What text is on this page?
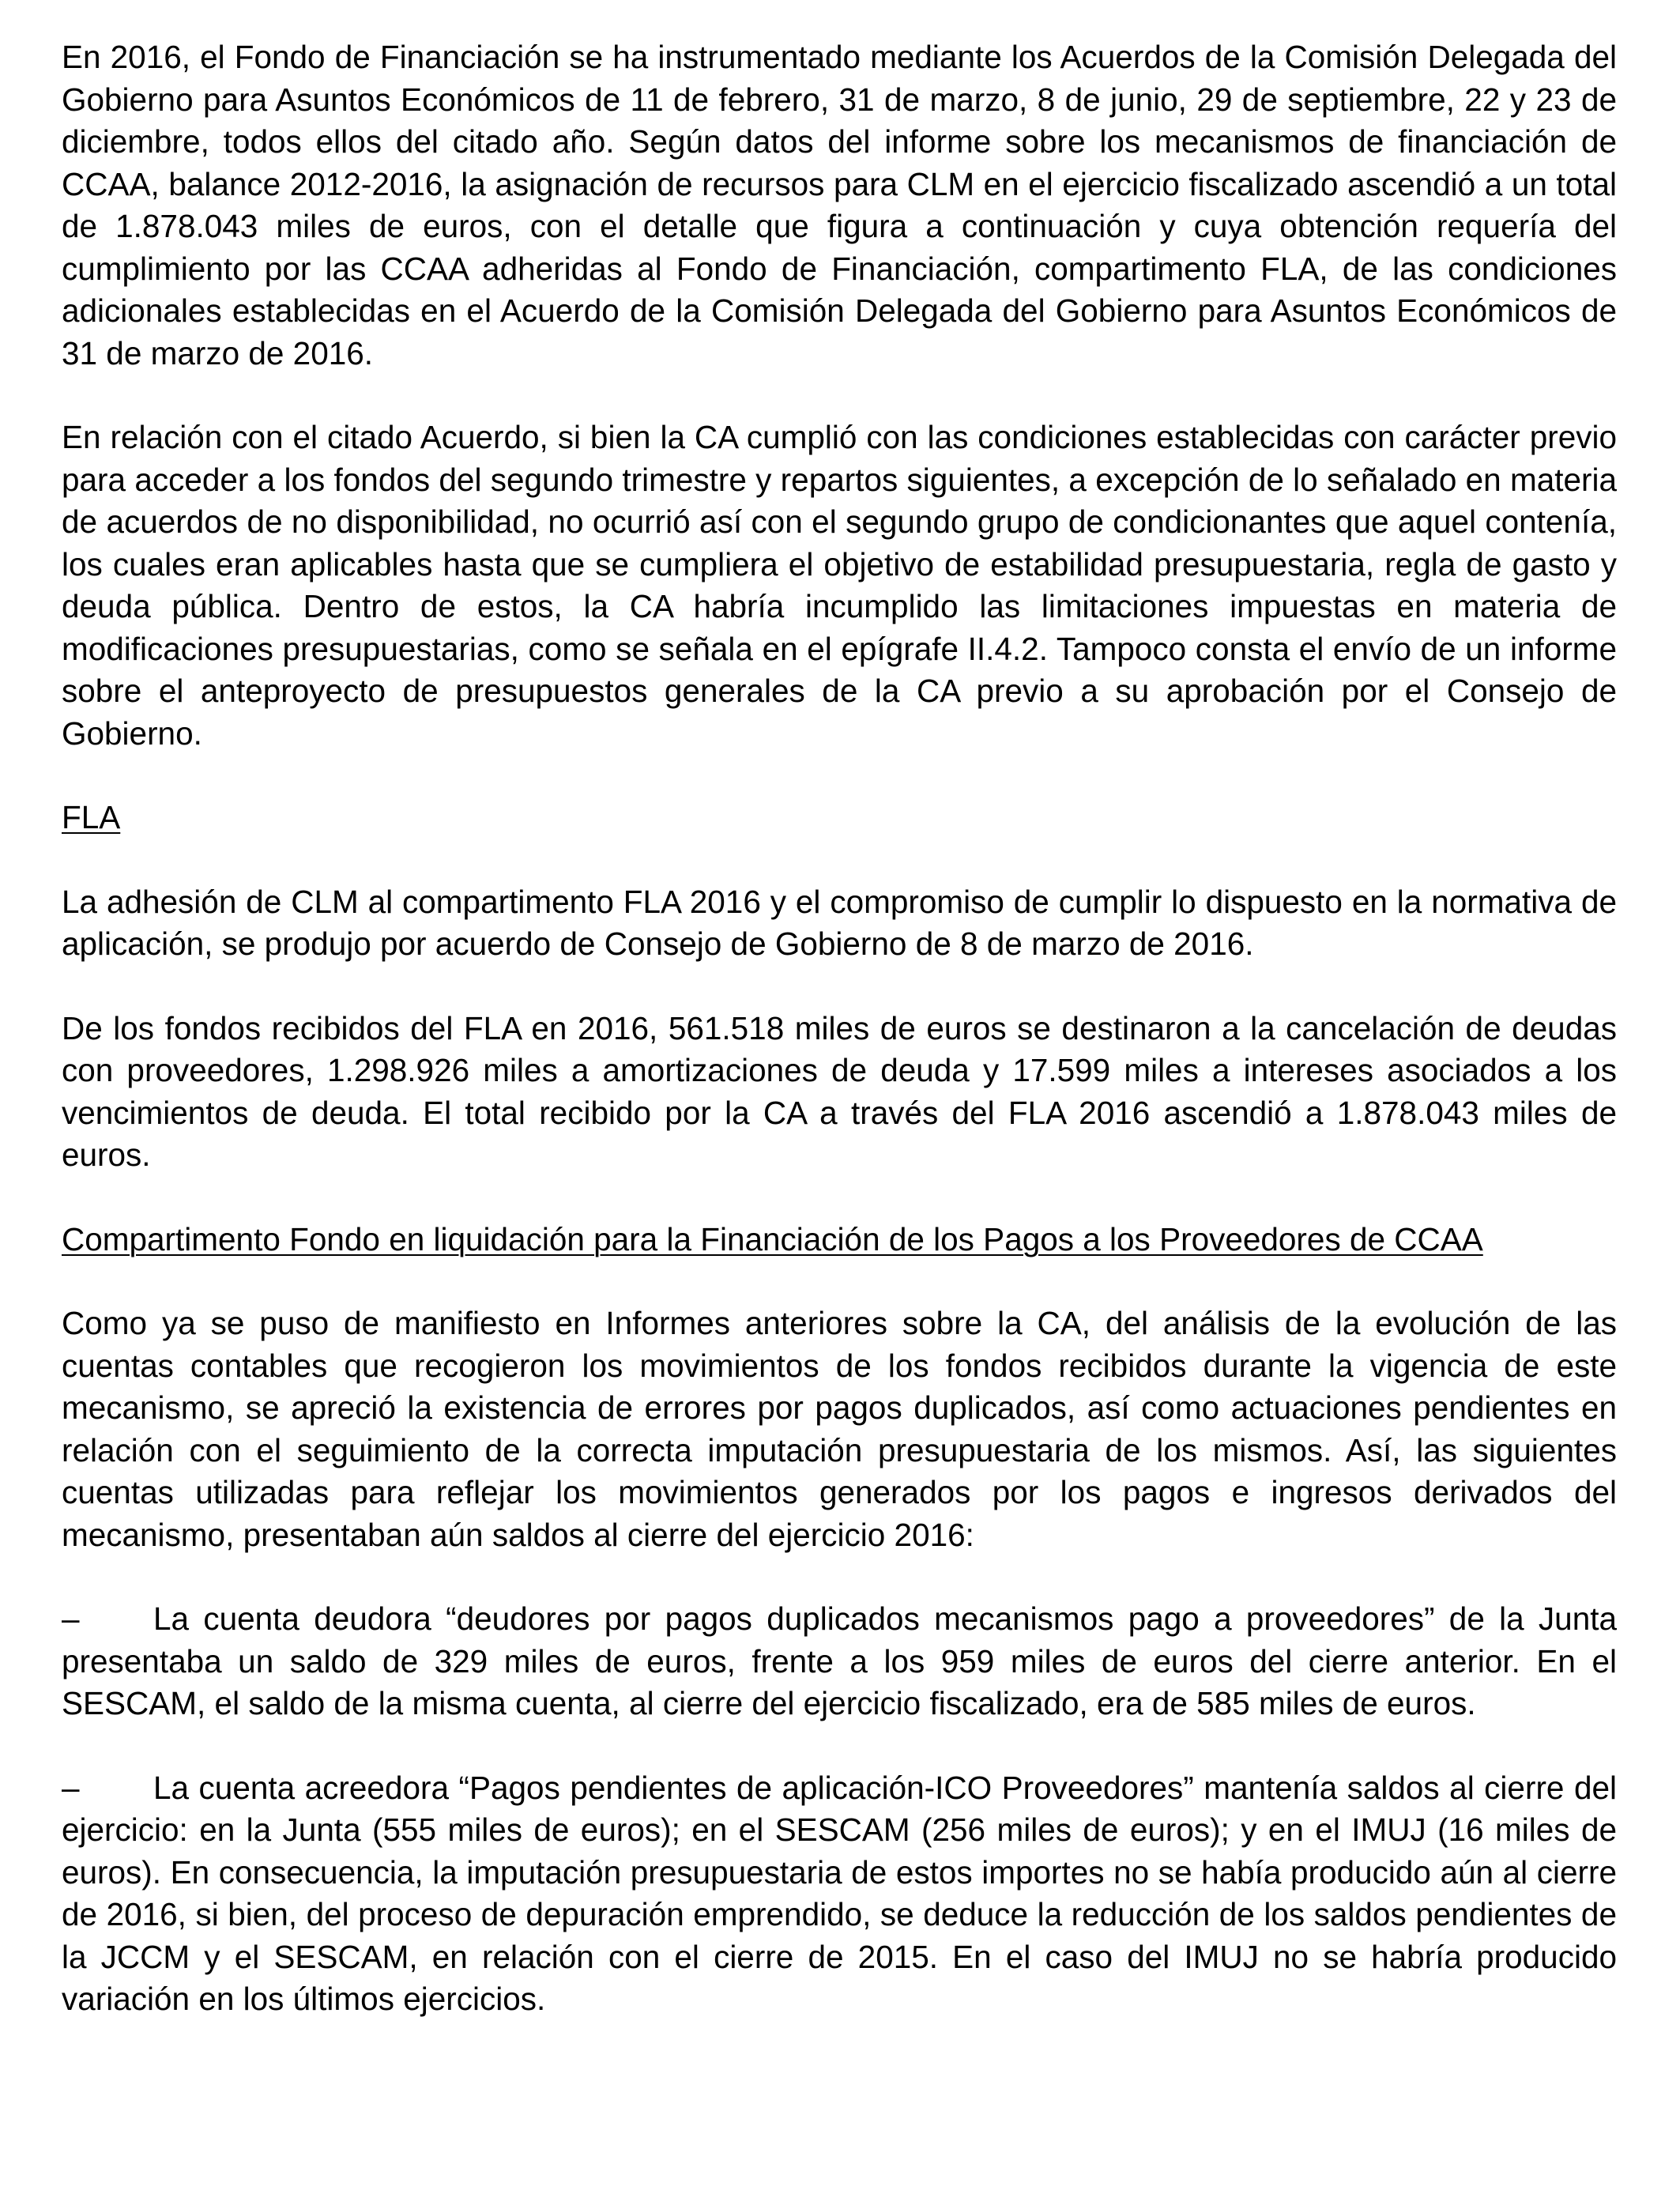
En 2016, el Fondo de Financiación se ha instrumentado mediante los Acuerdos de la Comisión Delegada del Gobierno para Asuntos Económicos de 11 de febrero, 31 de marzo, 8 de junio, 29 de septiembre, 22 y 23 de diciembre, todos ellos del citado año. Según datos del informe sobre los mecanismos de financiación de CCAA, balance 2012-2016, la asignación de recursos para CLM en el ejercicio fiscalizado ascendió a un total de 1.878.043 miles de euros, con el detalle que figura a continuación y cuya obtención requería del cumplimiento por las CCAA adheridas al Fondo de Financiación, compartimento FLA, de las condiciones adicionales establecidas en el Acuerdo de la Comisión Delegada del Gobierno para Asuntos Económicos de 31 de marzo de 2016.

En relación con el citado Acuerdo, si bien la CA cumplió con las condiciones establecidas con carácter previo para acceder a los fondos del segundo trimestre y repartos siguientes, a excepción de lo señalado en materia de acuerdos de no disponibilidad, no ocurrió así con el segundo grupo de condicionantes que aquel contenía, los cuales eran aplicables hasta que se cumpliera el objetivo de estabilidad presupuestaria, regla de gasto y deuda pública. Dentro de estos, la CA habría incumplido las limitaciones impuestas en materia de modificaciones presupuestarias, como se señala en el epígrafe II.4.2. Tampoco consta el envío de un informe sobre el anteproyecto de presupuestos generales de la CA previo a su aprobación por el Consejo de Gobierno.

FLA

La adhesión de CLM al compartimento FLA 2016 y el compromiso de cumplir lo dispuesto en la normativa de aplicación, se produjo por acuerdo de Consejo de Gobierno de 8 de marzo de 2016.

De los fondos recibidos del FLA en 2016, 561.518 miles de euros se destinaron a la cancelación de deudas con proveedores, 1.298.926 miles a amortizaciones de deuda y 17.599 miles a intereses asociados a los vencimientos de deuda. El total recibido por la CA a través del FLA 2016 ascendió a 1.878.043 miles de euros.

Compartimento Fondo en liquidación para la Financiación de los Pagos a los Proveedores de CCAA

Como ya se puso de manifiesto en Informes anteriores sobre la CA, del análisis de la evolución de las cuentas contables que recogieron los movimientos de los fondos recibidos durante la vigencia de este mecanismo, se apreció la existencia de errores por pagos duplicados, así como actuaciones pendientes en relación con el seguimiento de la correcta imputación presupuestaria de los mismos. Así, las siguientes cuentas utilizadas para reflejar los movimientos generados por los pagos e ingresos derivados del mecanismo, presentaban aún saldos al cierre del ejercicio 2016:

– La cuenta deudora “deudores por pagos duplicados mecanismos pago a proveedores” de la Junta presentaba un saldo de 329 miles de euros, frente a los 959 miles de euros del cierre anterior. En el SESCAM, el saldo de la misma cuenta, al cierre del ejercicio fiscalizado, era de 585 miles de euros.

– La cuenta acreedora “Pagos pendientes de aplicación-ICO Proveedores” mantenía saldos al cierre del ejercicio: en la Junta (555 miles de euros); en el SESCAM (256 miles de euros); y en el IMUJ (16 miles de euros). En consecuencia, la imputación presupuestaria de estos importes no se había producido aún al cierre de 2016, si bien, del proceso de depuración emprendido, se deduce la reducción de los saldos pendientes de la JCCM y el SESCAM, en relación con el cierre de 2015. En el caso del IMUJ no se habría producido variación en los últimos ejercicios.
